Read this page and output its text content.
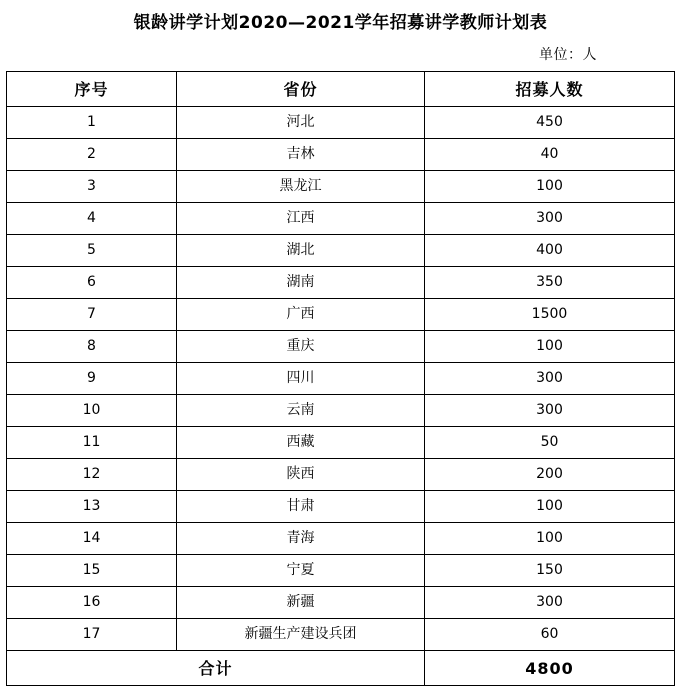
银龄讲学计划2020—2021学年招募讲学教师计划表
单位：人
序号	省份	招募人数
1	河北	450
2	吉林	40
3	黑龙江	100
4	江西	300
5	湖北	400
6	湖南	350
7	广西	1500
8	重庆	100
9	四川	300
10	云南	300
11	西藏	50
12	陕西	200
13	甘肃	100
14	青海	100
15	宁夏	150
16	新疆	300
17	新疆生产建设兵团	60
合计		4800
